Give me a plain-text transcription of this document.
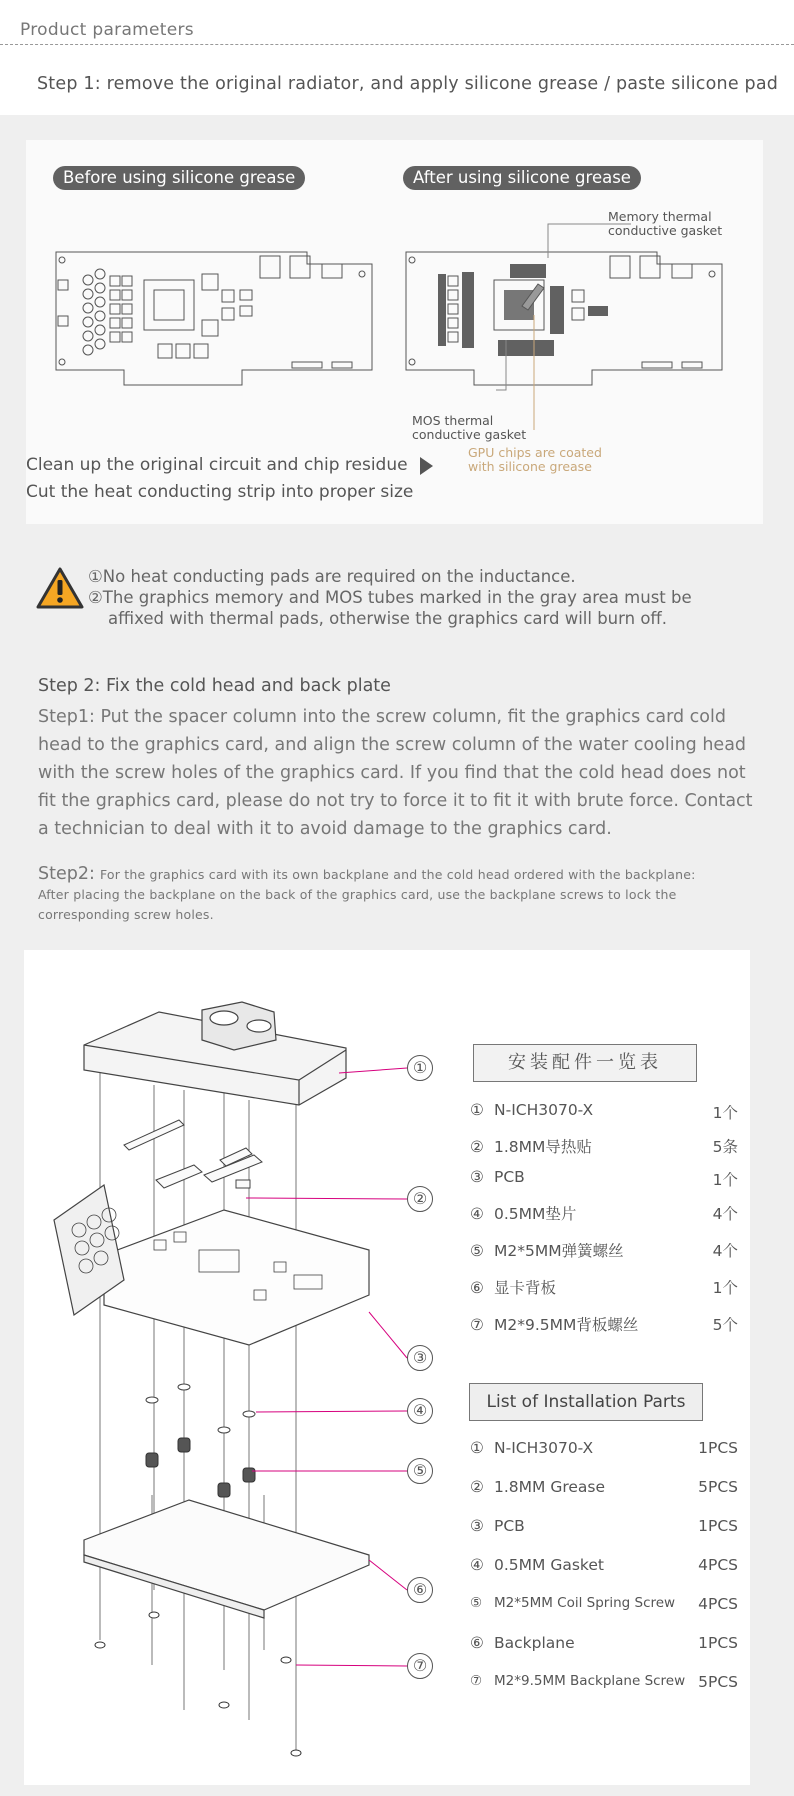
Product parameters
Step 1: remove the original radiator, and apply silicone grease / paste silicone pad
Before using silicone grease	After using silicone grease
Memory thermal
conductive gasket
MOS thermal
conductive gasket
GPU chips are coated
with silicone grease
Clean up the original circuit and chip residue
Cut the heat conducting strip into proper size
①No heat conducting pads are required on the inductance.
②The graphics memory and MOS tubes marked in the gray area must be
affixed with thermal pads, otherwise the graphics card will burn off.
Step 2: Fix the cold head and back plate
Step1: Put the spacer column into the screw column, fit the graphics card cold head to the graphics card, and align the screw column of the water cooling head with the screw holes of the graphics card. If you find that the cold head does not fit the graphics card, please do not try to force it to fit it with brute force. Contact a technician to deal with it to avoid damage to the graphics card.
Step2: For the graphics card with its own backplane and the cold head ordered with the backplane:
After placing the backplane on the back of the graphics card, use the backplane screws to lock the corresponding screw holes.
①
②
③
④
⑤
⑥
⑦
安装配件一览表
① N-ICH3070-X	1个
② 1.8MM导热贴	5条
③ PCB	1个
④ 0.5MM垫片	4个
⑤ M2*5MM弹簧螺丝	4个
⑥ 显卡背板	1个
⑦ M2*9.5MM背板螺丝	5个
List of Installation Parts
① N-ICH3070-X	1PCS
② 1.8MM Grease	5PCS
③ PCB	1PCS
④ 0.5MM Gasket	4PCS
⑤ M2*5MM Coil Spring Screw 4PCS
⑥ Backplane	1PCS
⑦ M2*9.5MM Backplane Screw 5PCS
